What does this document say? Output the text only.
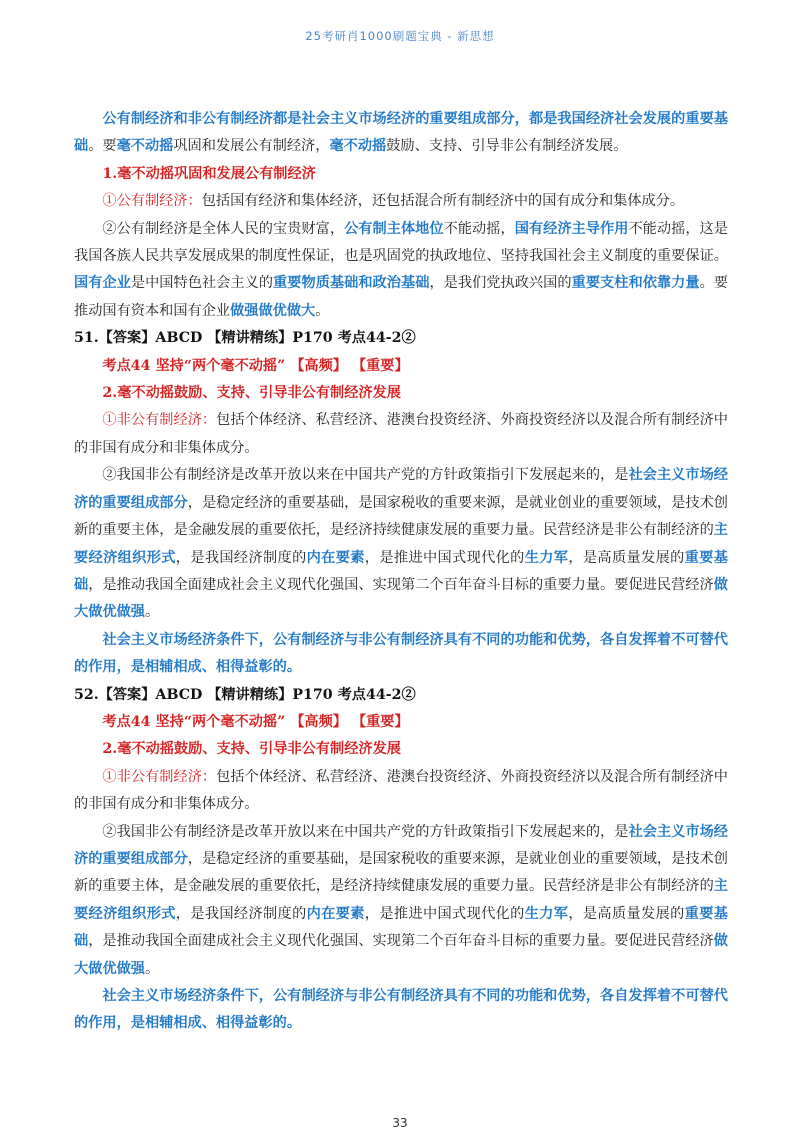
25考研肖1000刷题宝典 - 新思想

公有制经济和非公有制经济都是社会主义市场经济的重要组成部分，都是我国经济社会发展的重要基础。要毫不动摇巩固和发展公有制经济，毫不动摇鼓励、支持、引导非公有制经济发展。

1.毫不动摇巩固和发展公有制经济

①公有制经济：包括国有经济和集体经济，还包括混合所有制经济中的国有成分和集体成分。

②公有制经济是全体人民的宝贵财富，公有制主体地位不能动摇，国有经济主导作用不能动摇，这是我国各族人民共享发展成果的制度性保证，也是巩固党的执政地位、坚持我国社会主义制度的重要保证。国有企业是中国特色社会主义的重要物质基础和政治基础，是我们党执政兴国的重要支柱和依靠力量。要推动国有资本和国有企业做强做优做大。

51.【答案】ABCD 【精讲精练】P170 考点44-2②

考点44 坚持“两个毫不动摇” 【高频】 【重要】

2.毫不动摇鼓励、支持、引导非公有制经济发展

①非公有制经济：包括个体经济、私营经济、港澳台投资经济、外商投资经济以及混合所有制经济中的非国有成分和非集体成分。

②我国非公有制经济是改革开放以来在中国共产党的方针政策指引下发展起来的，是社会主义市场经济的重要组成部分，是稳定经济的重要基础，是国家税收的重要来源，是就业创业的重要领域，是技术创新的重要主体，是金融发展的重要依托，是经济持续健康发展的重要力量。民营经济是非公有制经济的主要经济组织形式，是我国经济制度的内在要素，是推进中国式现代化的生力军，是高质量发展的重要基础，是推动我国全面建成社会主义现代化强国、实现第二个百年奋斗目标的重要力量。要促进民营经济做大做优做强。

社会主义市场经济条件下，公有制经济与非公有制经济具有不同的功能和优势，各自发挥着不可替代的作用，是相辅相成、相得益彰的。

52.【答案】ABCD 【精讲精练】P170 考点44-2②

考点44 坚持“两个毫不动摇” 【高频】 【重要】

2.毫不动摇鼓励、支持、引导非公有制经济发展

①非公有制经济：包括个体经济、私营经济、港澳台投资经济、外商投资经济以及混合所有制经济中的非国有成分和非集体成分。

②我国非公有制经济是改革开放以来在中国共产党的方针政策指引下发展起来的，是社会主义市场经济的重要组成部分，是稳定经济的重要基础，是国家税收的重要来源，是就业创业的重要领域，是技术创新的重要主体，是金融发展的重要依托，是经济持续健康发展的重要力量。民营经济是非公有制经济的主要经济组织形式，是我国经济制度的内在要素，是推进中国式现代化的生力军，是高质量发展的重要基础，是推动我国全面建成社会主义现代化强国、实现第二个百年奋斗目标的重要力量。要促进民营经济做大做优做强。

社会主义市场经济条件下，公有制经济与非公有制经济具有不同的功能和优势，各自发挥着不可替代的作用，是相辅相成、相得益彰的。

33
